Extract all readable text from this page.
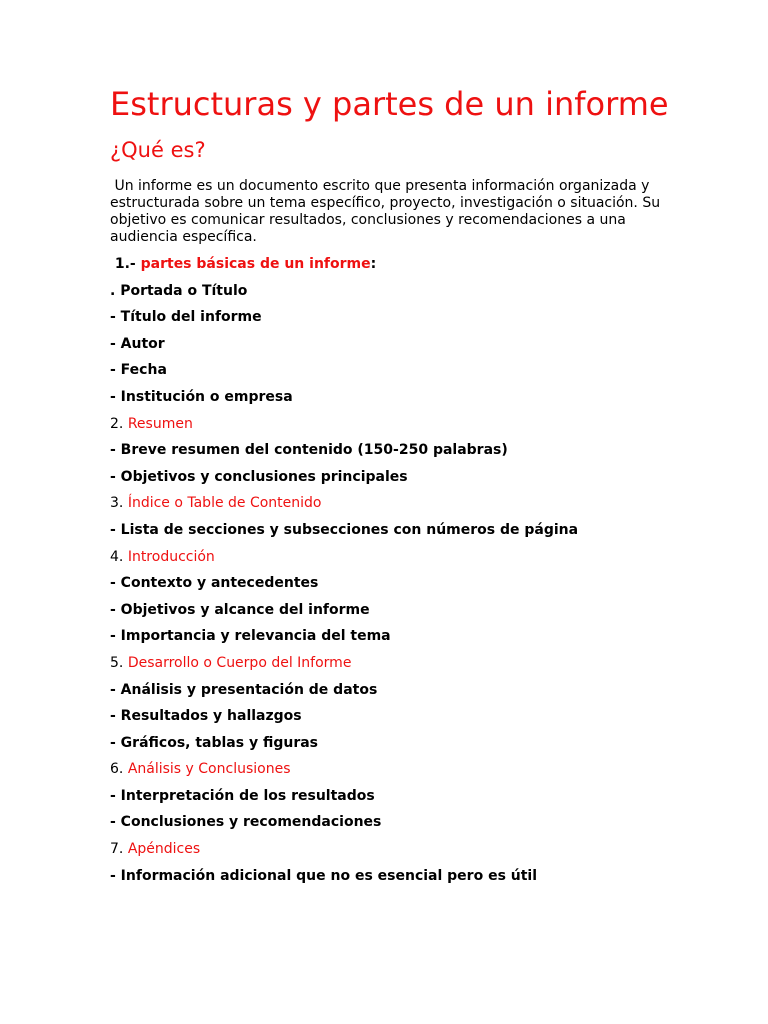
Estructuras y partes de un informe
¿Qué es?

Un informe es un documento escrito que presenta información organizada y estructurada sobre un tema específico, proyecto, investigación o situación. Su objetivo es comunicar resultados, conclusiones y recomendaciones a una audiencia específica.

1.- partes básicas de un informe:
. Portada o Título
- Título del informe
- Autor
- Fecha
- Institución o empresa
2. Resumen
- Breve resumen del contenido (150-250 palabras)
- Objetivos y conclusiones principales
3. Índice o Table de Contenido
- Lista de secciones y subsecciones con números de página
4. Introducción
- Contexto y antecedentes
- Objetivos y alcance del informe
- Importancia y relevancia del tema
5. Desarrollo o Cuerpo del Informe
- Análisis y presentación de datos
- Resultados y hallazgos
- Gráficos, tablas y figuras
6. Análisis y Conclusiones
- Interpretación de los resultados
- Conclusiones y recomendaciones
7. Apéndices
- Información adicional que no es esencial pero es útil
